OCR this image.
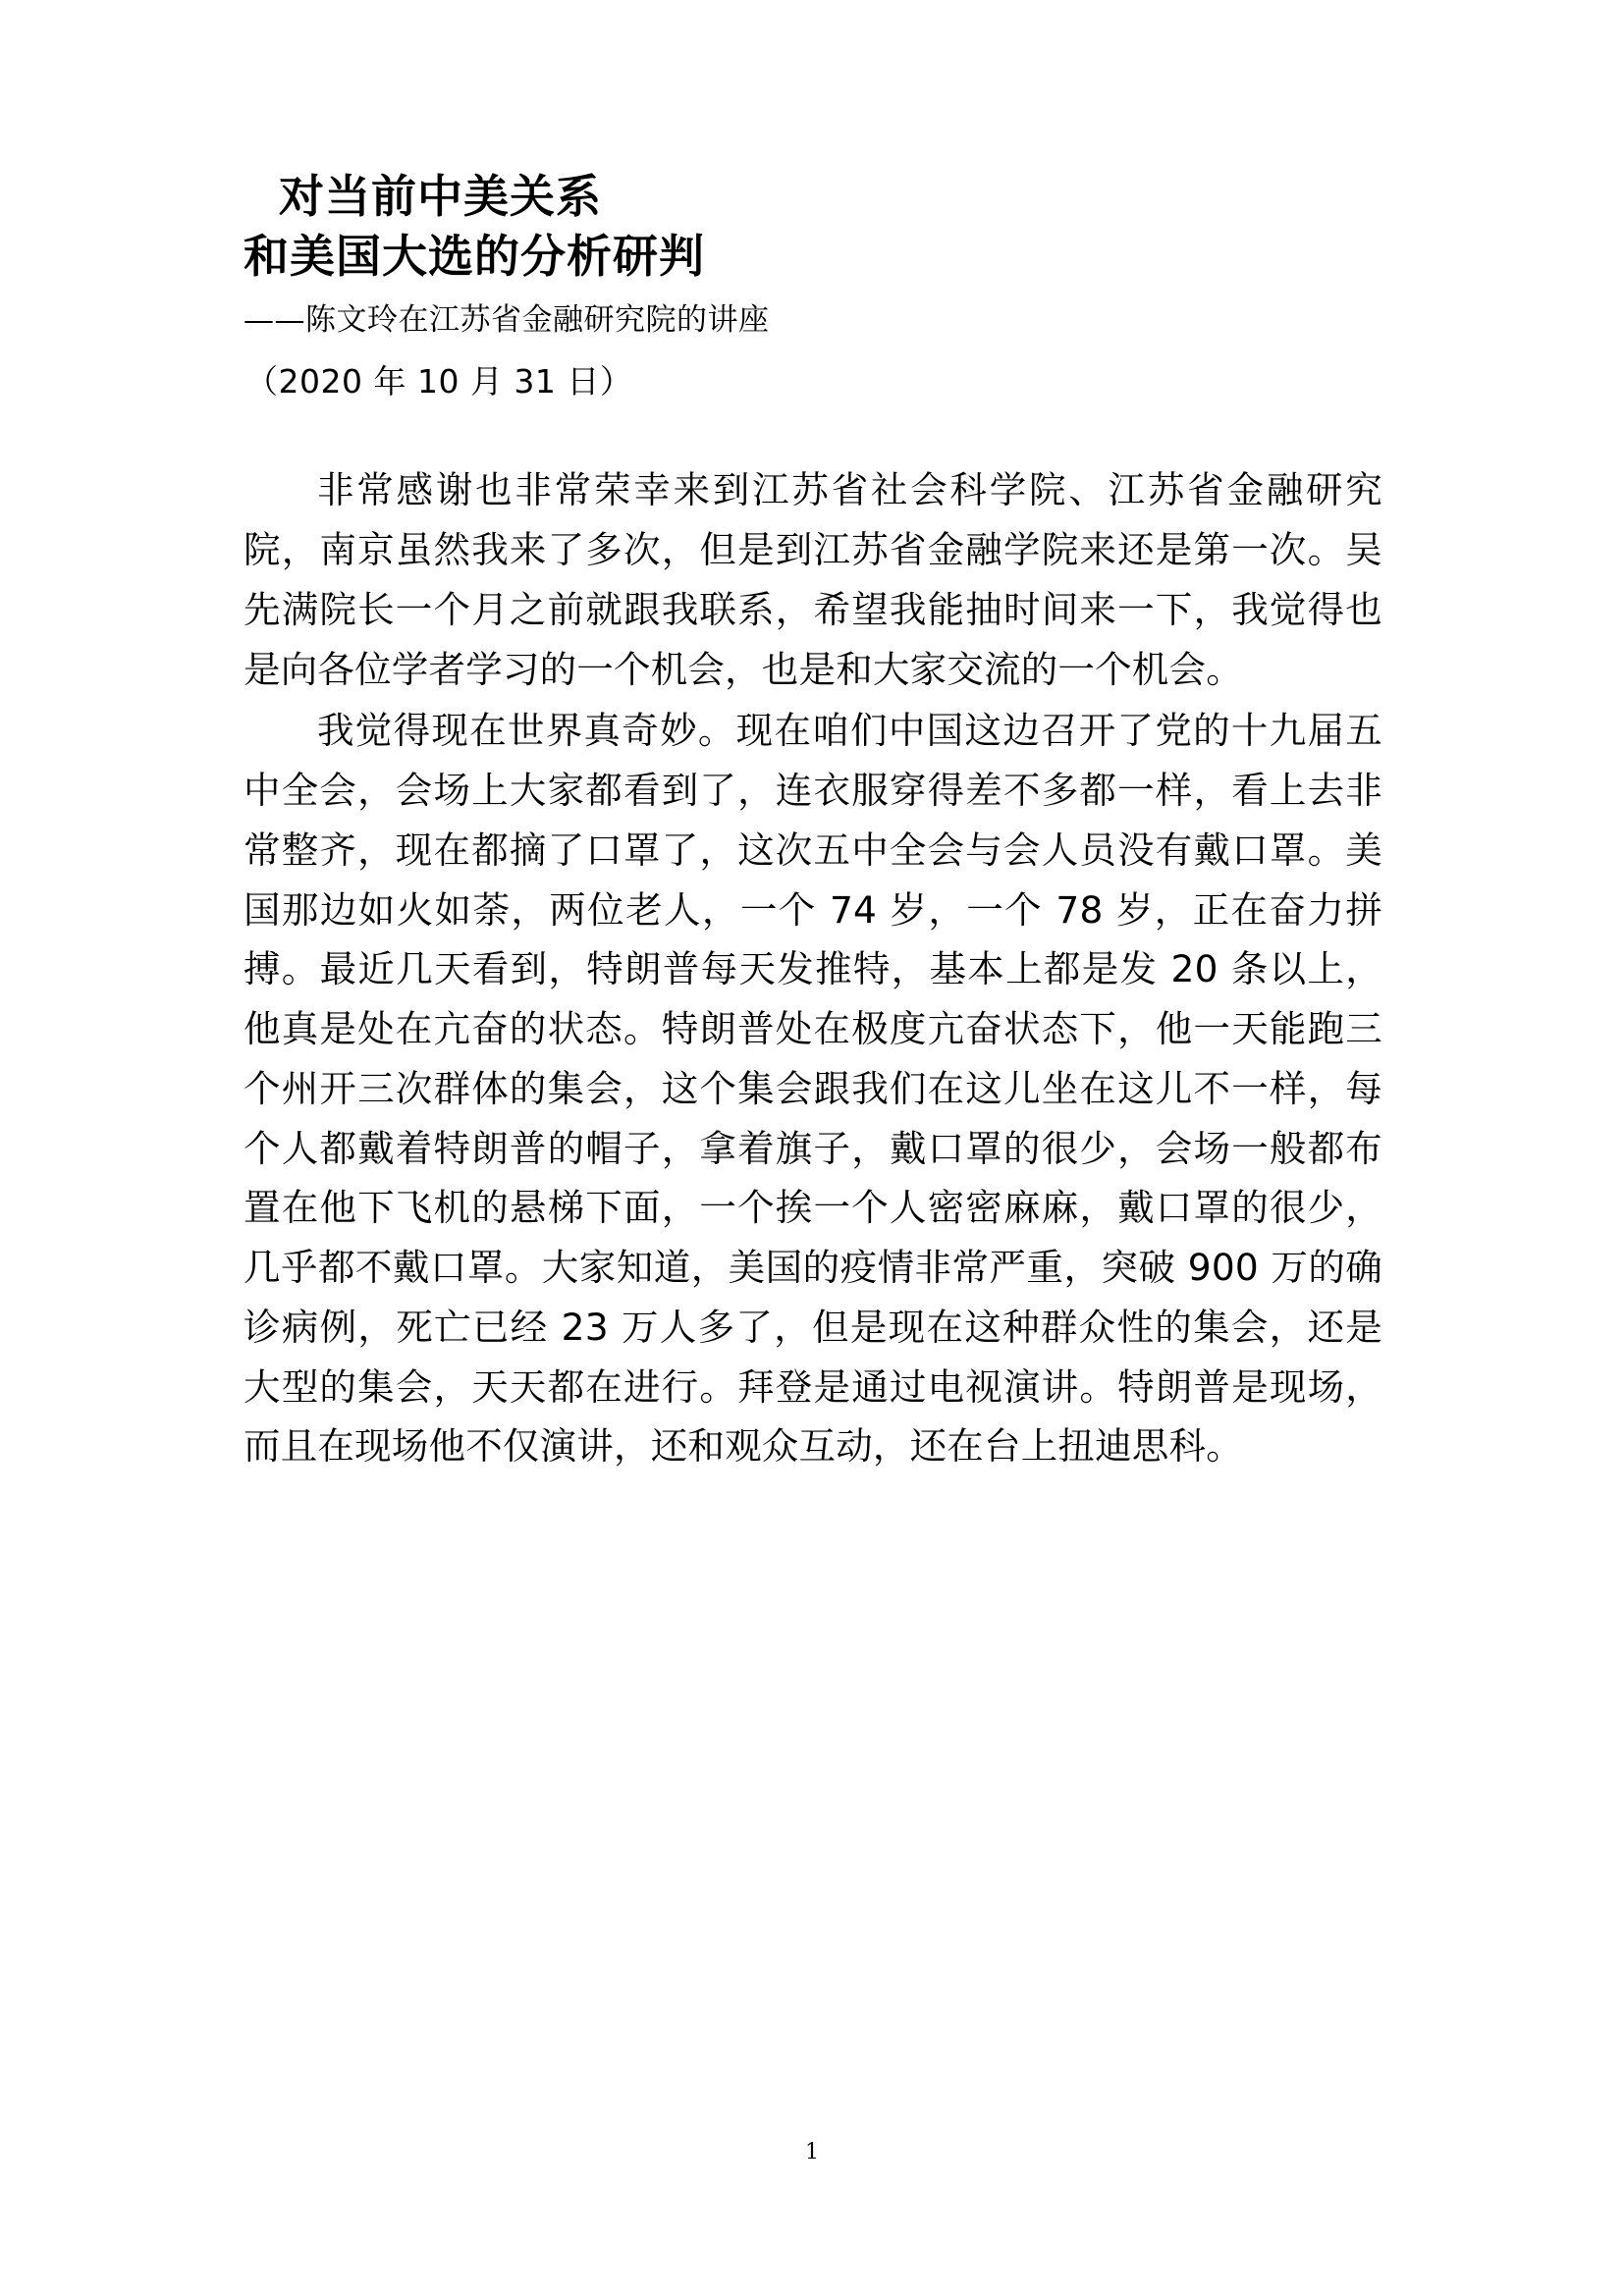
对当前中美关系
和美国大选的分析研判
——陈文玲在江苏省金融研究院的讲座
（2020 年 10 月 31 日）

非常感谢也非常荣幸来到江苏省社会科学院、江苏省金融研究院，南京虽然我来了多次，但是到江苏省金融学院来还是第一次。吴先满院长一个月之前就跟我联系，希望我能抽时间来一下，我觉得也是向各位学者学习的一个机会，也是和大家交流的一个机会。

我觉得现在世界真奇妙。现在咱们中国这边召开了党的十九届五中全会，会场上大家都看到了，连衣服穿得差不多都一样，看上去非常整齐，现在都摘了口罩了，这次五中全会与会人员没有戴口罩。美国那边如火如荼，两位老人，一个 74 岁，一个 78 岁，正在奋力拼搏。最近几天看到，特朗普每天发推特，基本上都是发 20 条以上，他真是处在亢奋的状态。特朗普处在极度亢奋状态下，他一天能跑三个州开三次群体的集会，这个集会跟我们在这儿坐在这儿不一样，每个人都戴着特朗普的帽子，拿着旗子，戴口罩的很少，会场一般都布置在他下飞机的悬梯下面，一个挨一个人密密麻麻，戴口罩的很少，几乎都不戴口罩。大家知道，美国的疫情非常严重，突破 900 万的确诊病例，死亡已经 23 万人多了，但是现在这种群众性的集会，还是大型的集会，天天都在进行。拜登是通过电视演讲。特朗普是现场，而且在现场他不仅演讲，还和观众互动，还在台上扭迪思科。

1
